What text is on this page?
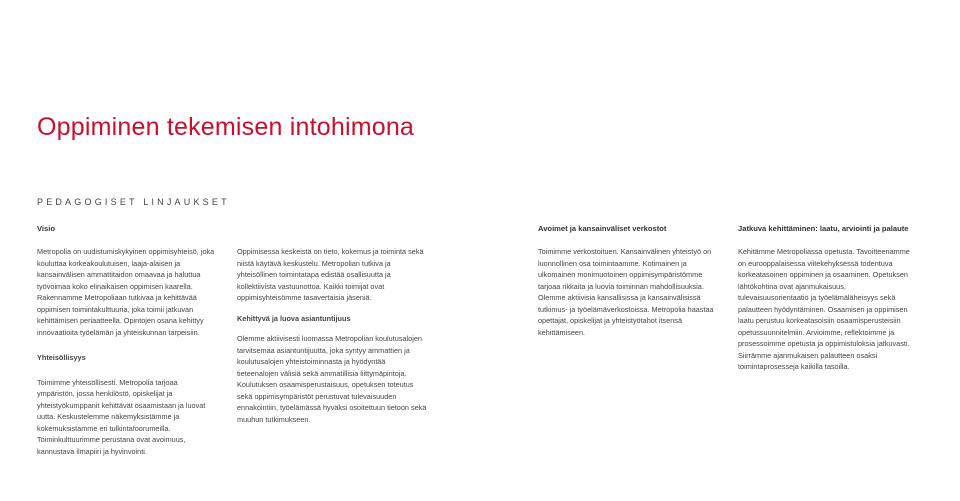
Oppiminen tekemisen intohimona
PEDAGOGISET LINJAUKSET
Visio	Avoimet ja kansainväliset verkostot	Jatkuva kehittäminen: laatu, arviointi ja palaute

Metropolia on uudistumiskykyinen oppimisyhteisö, joka kouluttaa korkeakoulutuisen, laaja-alaisen ja kansainvälisen ammattitaidon omaavaa ja haluttua työvoimaa koko elinaikaisen oppimisen kaarella. Rakennamme Metropoliaan tutkivaa ja kehittävää oppimisen toimintakulttuuria, joka toimii jatkuvan kehittämisen periaatteella. Opintojen osana kehittyy innovaatioita työelämän ja yhteiskunnan tarpeisiin.

Yhteisöllisyys

Toimimme yhteisöllisesti. Metropolia tarjoaa ympäristön, jossa henkilöstö, opiskelijat ja yhteistyökumppanit kehittävät osaamistaan ja luovat uutta. Keskustelemme näkemyksistämme ja kokemuksistamme eri tulkintafoorumeilla. Toiminkulttuurimme perustana ovat avoimuus, kannustava ilmapiiri ja hyvinvointi.

Oppimisessa keskeistä on tieto, kokemus ja toiminta sekä niistä käytävä keskustelu. Metropolian tutkiva ja yhteisöllinen toimintatapa edistää osallisuutta ja kollektiivista vastuunottoa. Kaikki toimijat ovat oppimisyhteisömme tasavertaisia jäseniä.

Kehittyvä ja luova asiantuntijuus

Olemme aktiivisesti luomassa Metropolian koulutusalojen tarvitsemaa asiantuntijuutta, joka syntyy ammattien ja koulutusalojen yhteistoiminnasta ja hyödyntää tieteenalojen välisiä sekä ammatillisia liittymäpintoja. Koulutuksen osaamisperustaisuus, opetuksen toteutus sekä oppimisympäristöt perustuvat tulevaisuuden ennakointiin, työelämässä hyväksi osoitettuun tietoon sekä muuhun tutkimukseen.

Toimimme verkostoituen. Kansainvälinen yhteistyö on luonnollinen osa toimintaamme. Kotimainen ja ulkomainen monimuotoinen oppimisympäristömme tarjoaa rikkaita ja luovia toiminnan mahdollisuuksia. Olemme aktiivisia kansallisissa ja kansainvälisissä tutkimus- ja työelämäverkostoissa. Metropolia haastaa opettajat, opiskelijat ja yhteistyötahot itsensä kehittämiseen.

Kehitämme Metropoliassa opetusta. Tavoitteenamme on eurooppalaisessa viitekehyksessä todentuva korkeatasoinen oppiminen ja osaaminen. Opetuksen lähtökohtina ovat ajanmukaisuus, tulevaisuusorientaatio ja työelämäläheisyys sekä palautteen hyödyntäminen. Osaamisen ja oppimisen laatu perustuu korkeatasoisiin osaamisperusteisiin opetussuunnitelmiin. Arvioimme, reflektoimme ja prosessoimme opetusta ja oppimistuloksia jatkuvasti. Siirrämme ajanmukaisen palautteen osaksi toimintaprosesseja kaikilla tasoilla.
